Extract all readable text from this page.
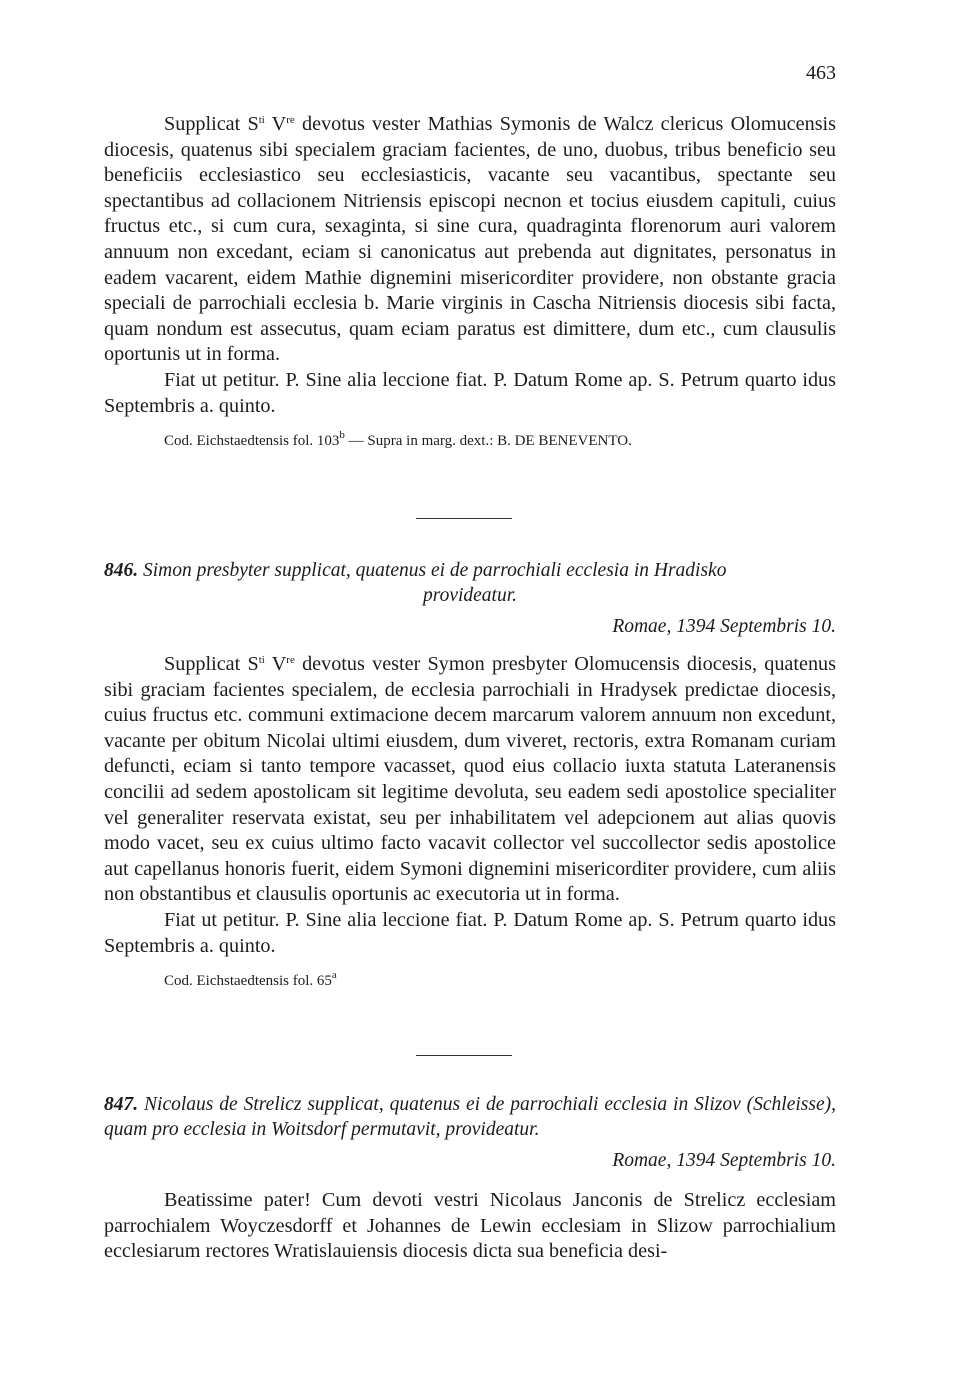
463

Supplicat $S^{ti}$ Vre devotus vester Mathias Symonis de Walcz clericus Olomucensis diocesis, quatenus sibi specialem graciam facientes, de uno, duobus, tribus beneficio seu beneficiis ecclesiastico seu ecclesiasticis, vacante seu vacantibus, spectante seu spectantibus ad collacionem Nitriensis episcopi necnon et tocius eiusdem capituli, cuius fructus etc., si cum cura, sexaginta, si sine cura, quadraginta florenorum auri valorem annuum non excedant, eciam si canonicatus aut prebenda aut dignitates, personatus in eadem vacarent, eidem Mathie dignemini misericorditer providere, non obstante gracia speciali de parrochiali ecclesia b. Marie virginis in Cascha Nitriensis diocesis sibi facta, quam nondum est assecutus, quam eciam paratus est dimittere, dum etc., cum clausulis oportunis ut in forma.

Fiat ut petitur. P. Sine alia leccione fiat. P. Datum Rome ap. S. Petrum quarto idus Septembris a. quinto.

Cod. Eichstaedtensis fol. 103$^b$ — Supra in marg. dext.: B. DE BENEVENTO.

846. Simon presbyter supplicat, quatenus ei de parrochiali ecclesia in Hradisko
provideatur.
Romae, 1394 Septembris 10.

Supplicat $S^{ti}$ Vre devotus vester Symon presbyter Olomucensis diocesis, quatenus sibi graciam facientes specialem, de ecclesia parrochiali in Hradysek predictae diocesis, cuius fructus etc. communi extimacione decem marcarum valorem annuum non excedunt, vacante per obitum Nicolai ultimi eiusdem, dum viveret, rectoris, extra Romanam curiam defuncti, eciam si tanto tempore vacasset, quod eius collacio iuxta statuta Lateranensis concilii ad sedem apostolicam sit legitime devoluta, seu eadem sedi apostolice specialiter vel generaliter reservata existat, seu per inhabilitatem vel adepcionem aut alias quovis modo vacet, seu ex cuius ultimo facto vacavit collector vel succollector sedis apostolice aut capellanus honoris fuerit, eidem Symoni dignemini misericorditer providere, cum aliis non obstantibus et clausulis oportunis ac executoria ut in forma.

Fiat ut petitur. P. Sine alia leccione fiat. P. Datum Rome ap. S. Petrum quarto idus Septembris a. quinto.

Cod. Eichstaedtensis fol. 65$^a$

847. Nicolaus de Strelicz supplicat, quatenus ei de parrochiali ecclesia in Slizov (Schleisse), quam pro ecclesia in Woitsdorf permutavit, provideatur.
Romae, 1394 Septembris 10.

Beatissime pater! Cum devoti vestri Nicolaus Janconis de Strelicz ecclesiam parrochialem Woyczesdorff et Johannes de Lewin ecclesiam in Slizow parrochialium ecclesiarum rectores Wratislauiensis diocesis dicta sua beneficia desi-
